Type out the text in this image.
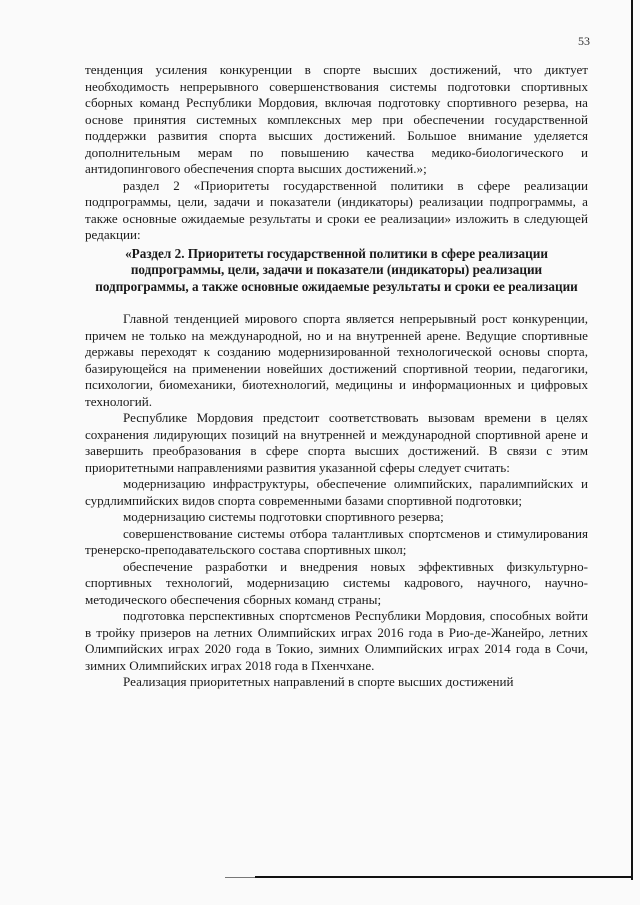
53

тенденция усиления конкуренции в спорте высших достижений, что диктует необходимость непрерывного совершенствования системы подготовки спортивных сборных команд Республики Мордовия, включая подготовку спортивного резерва, на основе принятия системных комплексных мер при обеспечении государственной поддержки развития спорта высших достижений. Большое внимание уделяется дополнительным мерам по повышению качества медико-биологического и антидопингового обеспечения спорта высших достижений.»;

раздел 2 «Приоритеты государственной политики в сфере реализации подпрограммы, цели, задачи и показатели (индикаторы) реализации подпрограммы, а также основные ожидаемые результаты и сроки ее реализации» изложить в следующей редакции:

«Раздел 2. Приоритеты государственной политики в сфере реализации подпрограммы, цели, задачи и показатели (индикаторы) реализации подпрограммы, а также основные ожидаемые результаты и сроки ее реализации

Главной тенденцией мирового спорта является непрерывный рост конкуренции, причем не только на международной, но и на внутренней арене. Ведущие спортивные державы переходят к созданию модернизированной технологической основы спорта, базирующейся на применении новейших достижений спортивной теории, педагогики, психологии, биомеханики, биотехнологий, медицины и информационных и цифровых технологий.

Республике Мордовия предстоит соответствовать вызовам времени в целях сохранения лидирующих позиций на внутренней и международной спортивной арене и завершить преобразования в сфере спорта высших достижений. В связи с этим приоритетными направлениями развития указанной сферы следует считать:

модернизацию инфраструктуры, обеспечение олимпийских, паралимпийских и сурдлимпийских видов спорта современными базами спортивной подготовки;

модернизацию системы подготовки спортивного резерва;

совершенствование системы отбора талантливых спортсменов и стимулирования тренерско-преподавательского состава спортивных школ;

обеспечение разработки и внедрения новых эффективных физкультурно-спортивных технологий, модернизацию системы кадрового, научного, научно-методического обеспечения сборных команд страны;

подготовка перспективных спортсменов Республики Мордовия, способных войти в тройку призеров на летних Олимпийских играх 2016 года в Рио-де-Жанейро, летних Олимпийских играх 2020 года в Токио, зимних Олимпийских играх 2014 года в Сочи, зимних Олимпийских играх 2018 года в Пхенчхане.

Реализация приоритетных направлений в спорте высших достижений
